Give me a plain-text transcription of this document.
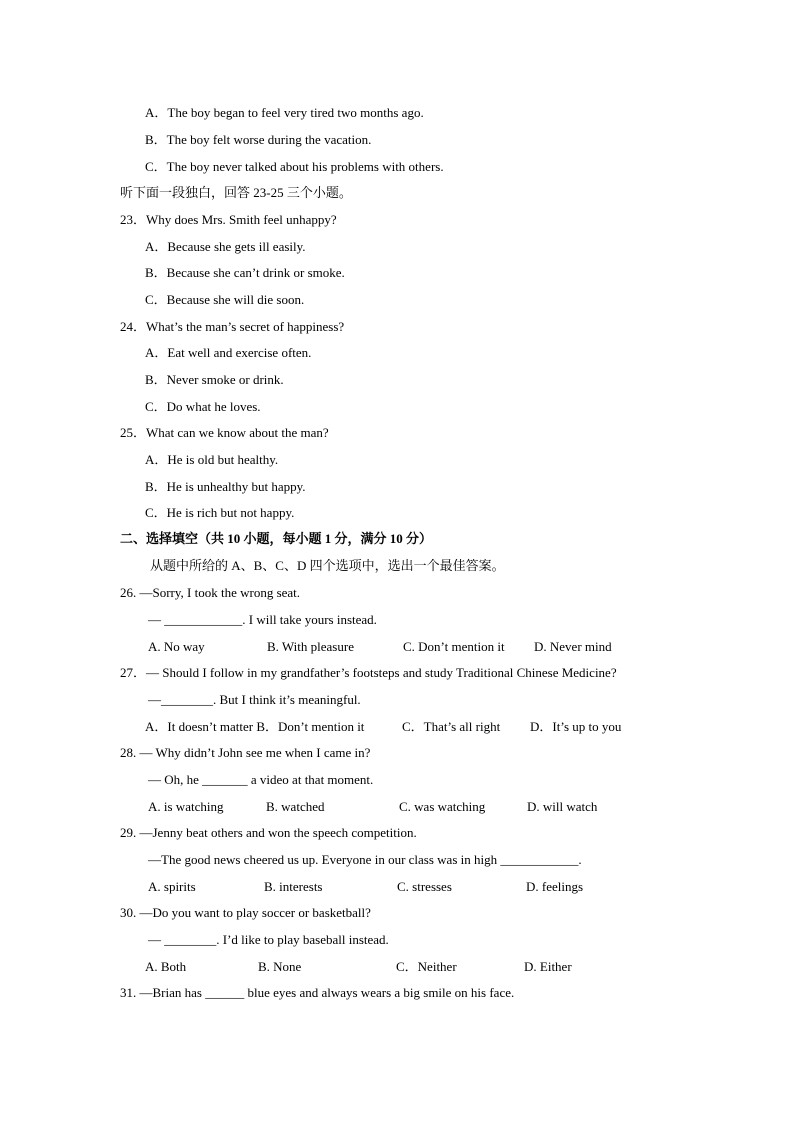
A．The boy began to feel very tired two months ago.
B．The boy felt worse during the vacation.
C．The boy never talked about his problems with others.
听下面一段独白，回答 23-25 三个小题。
23．Why does Mrs. Smith feel unhappy?
A．Because she gets ill easily.
B．Because she can’t drink or smoke.
C．Because she will die soon.
24．What’s the man’s secret of happiness?
A．Eat well and exercise often.
B．Never smoke or drink.
C．Do what he loves.
25．What can we know about the man?
A．He is old but healthy.
B．He is unhealthy but happy.
C．He is rich but not happy.
二、选择填空（共 10 小题，每小题 1 分，满分 10 分）
从题中所给的 A、B、C、D 四个选项中，选出一个最佳答案。
26. —Sorry, I took the wrong seat.
— ____________. I will take yours instead.
A. No way	B. With pleasure	C. Don’t mention it D. Never mind
27．— Should I follow in my grandfather’s footsteps and study Traditional Chinese Medicine?
—________. But I think it’s meaningful.
A．It doesn’t matter B．Don’t mention it	C．That’s all right D．It’s up to you
28. — Why didn’t John see me when I came in?
— Oh, he _______ a video at that moment.
A. is watching	B. watched	C. was watching	D. will watch
29. —Jenny beat others and won the speech competition.
—The good news cheered us up. Everyone in our class was in high ____________.
A. spirits	B. interests	C. stresses	D. feelings
30. —Do you want to play soccer or basketball?
— ________. I’d like to play baseball instead.
A. Both	B. None	C．Neither	D. Either
31. —Brian has ______ blue eyes and always wears a big smile on his face.
